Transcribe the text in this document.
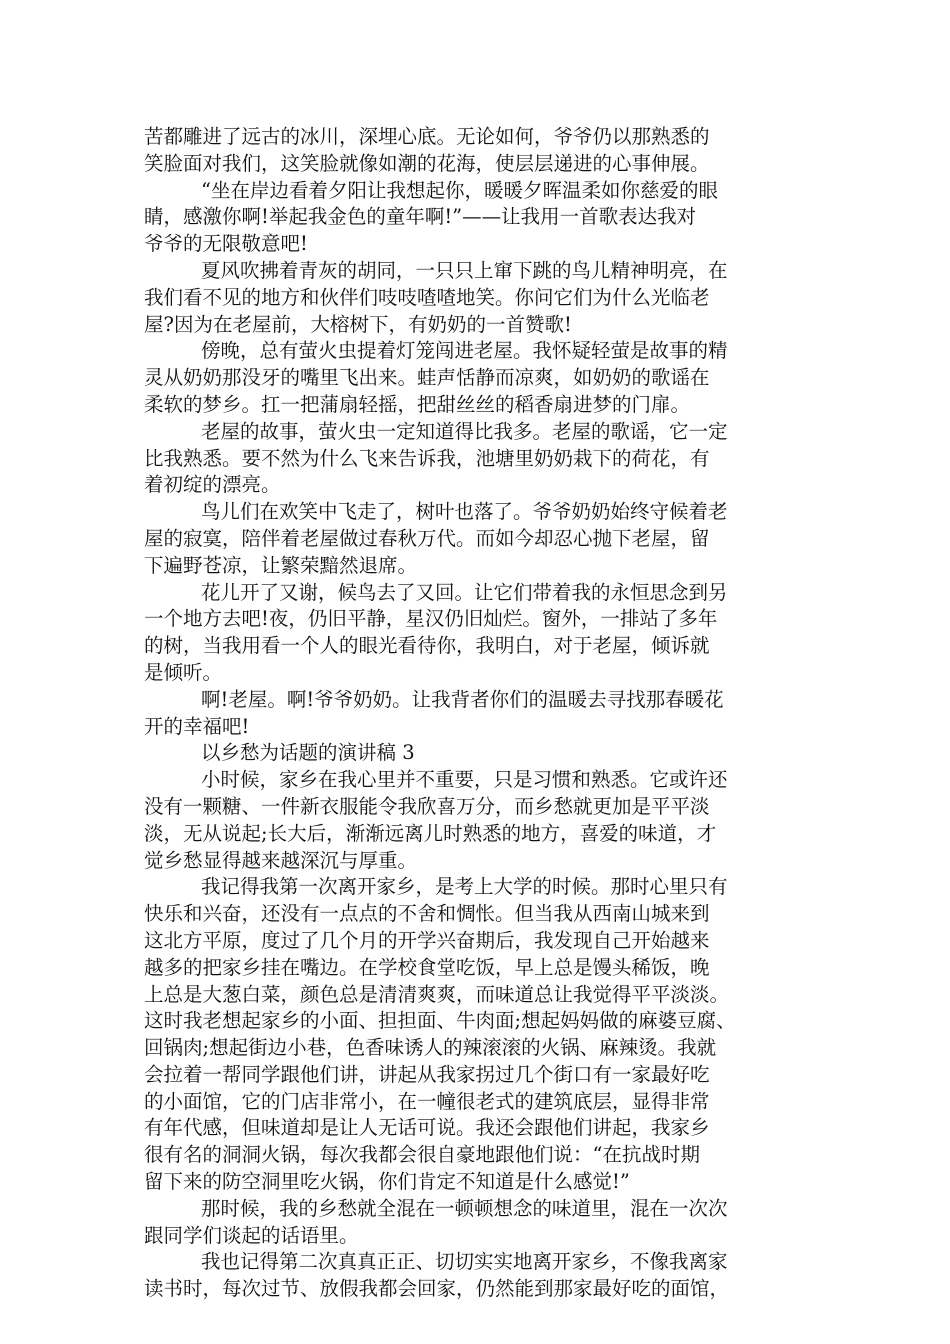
苦都雕进了远古的冰川，深埋心底。无论如何，爷爷仍以那熟悉的
笑脸面对我们，这笑脸就像如潮的花海，使层层递进的心事伸展。
“坐在岸边看着夕阳让我想起你，暖暖夕晖温柔如你慈爱的眼
睛，感激你啊!举起我金色的童年啊!”——让我用一首歌表达我对
爷爷的无限敬意吧!
夏风吹拂着青灰的胡同，一只只上窜下跳的鸟儿精神明亮，在
我们看不见的地方和伙伴们吱吱喳喳地笑。你问它们为什么光临老
屋?因为在老屋前，大榕树下，有奶奶的一首赞歌!
傍晚，总有萤火虫提着灯笼闯进老屋。我怀疑轻萤是故事的精
灵从奶奶那没牙的嘴里飞出来。蛙声恬静而凉爽，如奶奶的歌谣在
柔软的梦乡。扛一把蒲扇轻摇，把甜丝丝的稻香扇进梦的门扉。
老屋的故事，萤火虫一定知道得比我多。老屋的歌谣，它一定
比我熟悉。要不然为什么飞来告诉我，池塘里奶奶栽下的荷花，有
着初绽的漂亮。
鸟儿们在欢笑中飞走了，树叶也落了。爷爷奶奶始终守候着老
屋的寂寞，陪伴着老屋做过春秋万代。而如今却忍心抛下老屋，留
下遍野苍凉，让繁荣黯然退席。
花儿开了又谢，候鸟去了又回。让它们带着我的永恒思念到另
一个地方去吧!夜，仍旧平静，星汉仍旧灿烂。窗外，一排站了多年
的树，当我用看一个人的眼光看待你，我明白，对于老屋，倾诉就
是倾听。
啊!老屋。啊!爷爷奶奶。让我背者你们的温暖去寻找那春暖花
开的幸福吧!
以乡愁为话题的演讲稿 3
小时候，家乡在我心里并不重要，只是习惯和熟悉。它或许还
没有一颗糖、一件新衣服能令我欣喜万分，而乡愁就更加是平平淡
淡，无从说起;长大后，渐渐远离儿时熟悉的地方，喜爱的味道，才
觉乡愁显得越来越深沉与厚重。
我记得我第一次离开家乡，是考上大学的时候。那时心里只有
快乐和兴奋，还没有一点点的不舍和惆怅。但当我从西南山城来到
这北方平原，度过了几个月的开学兴奋期后，我发现自己开始越来
越多的把家乡挂在嘴边。在学校食堂吃饭，早上总是馒头稀饭，晚
上总是大葱白菜，颜色总是清清爽爽，而味道总让我觉得平平淡淡。
这时我老想起家乡的小面、担担面、牛肉面;想起妈妈做的麻婆豆腐、
回锅肉;想起街边小巷，色香味诱人的辣滚滚的火锅、麻辣烫。我就
会拉着一帮同学跟他们讲，讲起从我家拐过几个街口有一家最好吃
的小面馆，它的门店非常小，在一幢很老式的建筑底层，显得非常
有年代感，但味道却是让人无话可说。我还会跟他们讲起，我家乡
很有名的洞洞火锅，每次我都会很自豪地跟他们说：“在抗战时期
留下来的防空洞里吃火锅，你们肯定不知道是什么感觉!”
那时候，我的乡愁就全混在一顿顿想念的味道里，混在一次次
跟同学们谈起的话语里。
我也记得第二次真真正正、切切实实地离开家乡，不像我离家
读书时，每次过节、放假我都会回家，仍然能到那家最好吃的面馆，
